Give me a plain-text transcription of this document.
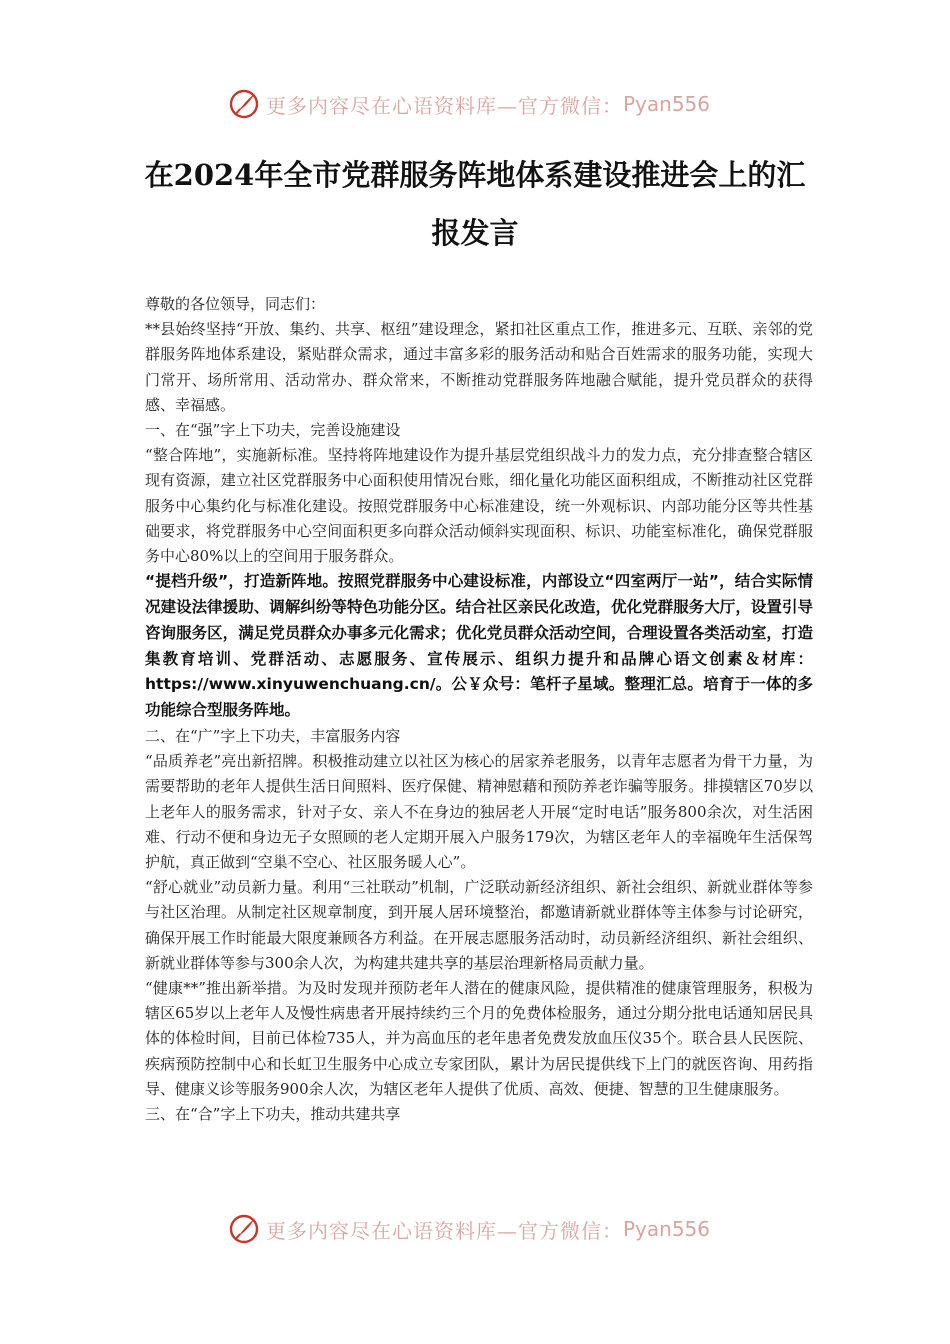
更多内容尽在心语资料库—官方微信： Pyan556
在2024年全市党群服务阵地体系建设推进会上的汇
报发言

尊敬的各位领导，同志们：

**县始终坚持“开放、集约、共享、枢纽”建设理念，紧扣社区重点工作，推进多元、互联、亲邻的党群服务阵地体系建设，紧贴群众需求，通过丰富多彩的服务活动和贴合百姓需求的服务功能，实现大门常开、场所常用、活动常办、群众常来，不断推动党群服务阵地融合赋能，提升党员群众的获得感、幸福感。

一、在“强”字上下功夫，完善设施建设

“整合阵地”，实施新标准。坚持将阵地建设作为提升基层党组织战斗力的发力点，充分排查整合辖区现有资源，建立社区党群服务中心面积使用情况台账，细化量化功能区面积组成，不断推动社区党群服务中心集约化与标准化建设。按照党群服务中心标准建设，统一外观标识、内部功能分区等共性基础要求，将党群服务中心空间面积更多向群众活动倾斜实现面积、标识、功能室标准化，确保党群服务中心80%以上的空间用于服务群众。

“提档升级”，打造新阵地。按照党群服务中心建设标准，内部设立“四室两厅一站”，结合实际情况建设法律援助、调解纠纷等特色功能分区。结合社区亲民化改造，优化党群服务大厅，设置引导咨询服务区，满足党员群众办事多元化需求；优化党员群众活动空间，合理设置各类活动室，打造集教育培训、党群活动、志愿服务、宣传展示、组织力提升和品牌心语文创素＆材库：https://www.xinyuwenchuang.cn/。公￥众号：笔杆子星域。整理汇总。培育于一体的多功能综合型服务阵地。

二、在“广”字上下功夫，丰富服务内容

“品质养老”亮出新招牌。积极推动建立以社区为核心的居家养老服务，以青年志愿者为骨干力量，为需要帮助的老年人提供生活日间照料、医疗保健、精神慰藉和预防养老诈骗等服务。排摸辖区70岁以上老年人的服务需求，针对子女、亲人不在身边的独居老人开展“定时电话”服务800余次，对生活困难、行动不便和身边无子女照顾的老人定期开展入户服务179次，为辖区老年人的幸福晚年生活保驾护航，真正做到“空巢不空心、社区服务暖人心”。

“舒心就业”动员新力量。利用“三社联动”机制，广泛联动新经济组织、新社会组织、新就业群体等参与社区治理。从制定社区规章制度，到开展人居环境整治，都邀请新就业群体等主体参与讨论研究，确保开展工作时能最大限度兼顾各方利益。在开展志愿服务活动时，动员新经济组织、新社会组织、新就业群体等参与300余人次，为构建共建共享的基层治理新格局贡献力量。

“健康**”推出新举措。为及时发现并预防老年人潜在的健康风险，提供精准的健康管理服务，积极为辖区65岁以上老年人及慢性病患者开展持续约三个月的免费体检服务，通过分期分批电话通知居民具体的体检时间，目前已体检735人，并为高血压的老年患者免费发放血压仪35个。联合县人民医院、疾病预防控制中心和长虹卫生服务中心成立专家团队，累计为居民提供线下上门的就医咨询、用药指导、健康义诊等服务900余人次，为辖区老年人提供了优质、高效、便捷、智慧的卫生健康服务。

三、在“合”字上下功夫，推动共建共享

更多内容尽在心语资料库—官方微信： Pyan556
